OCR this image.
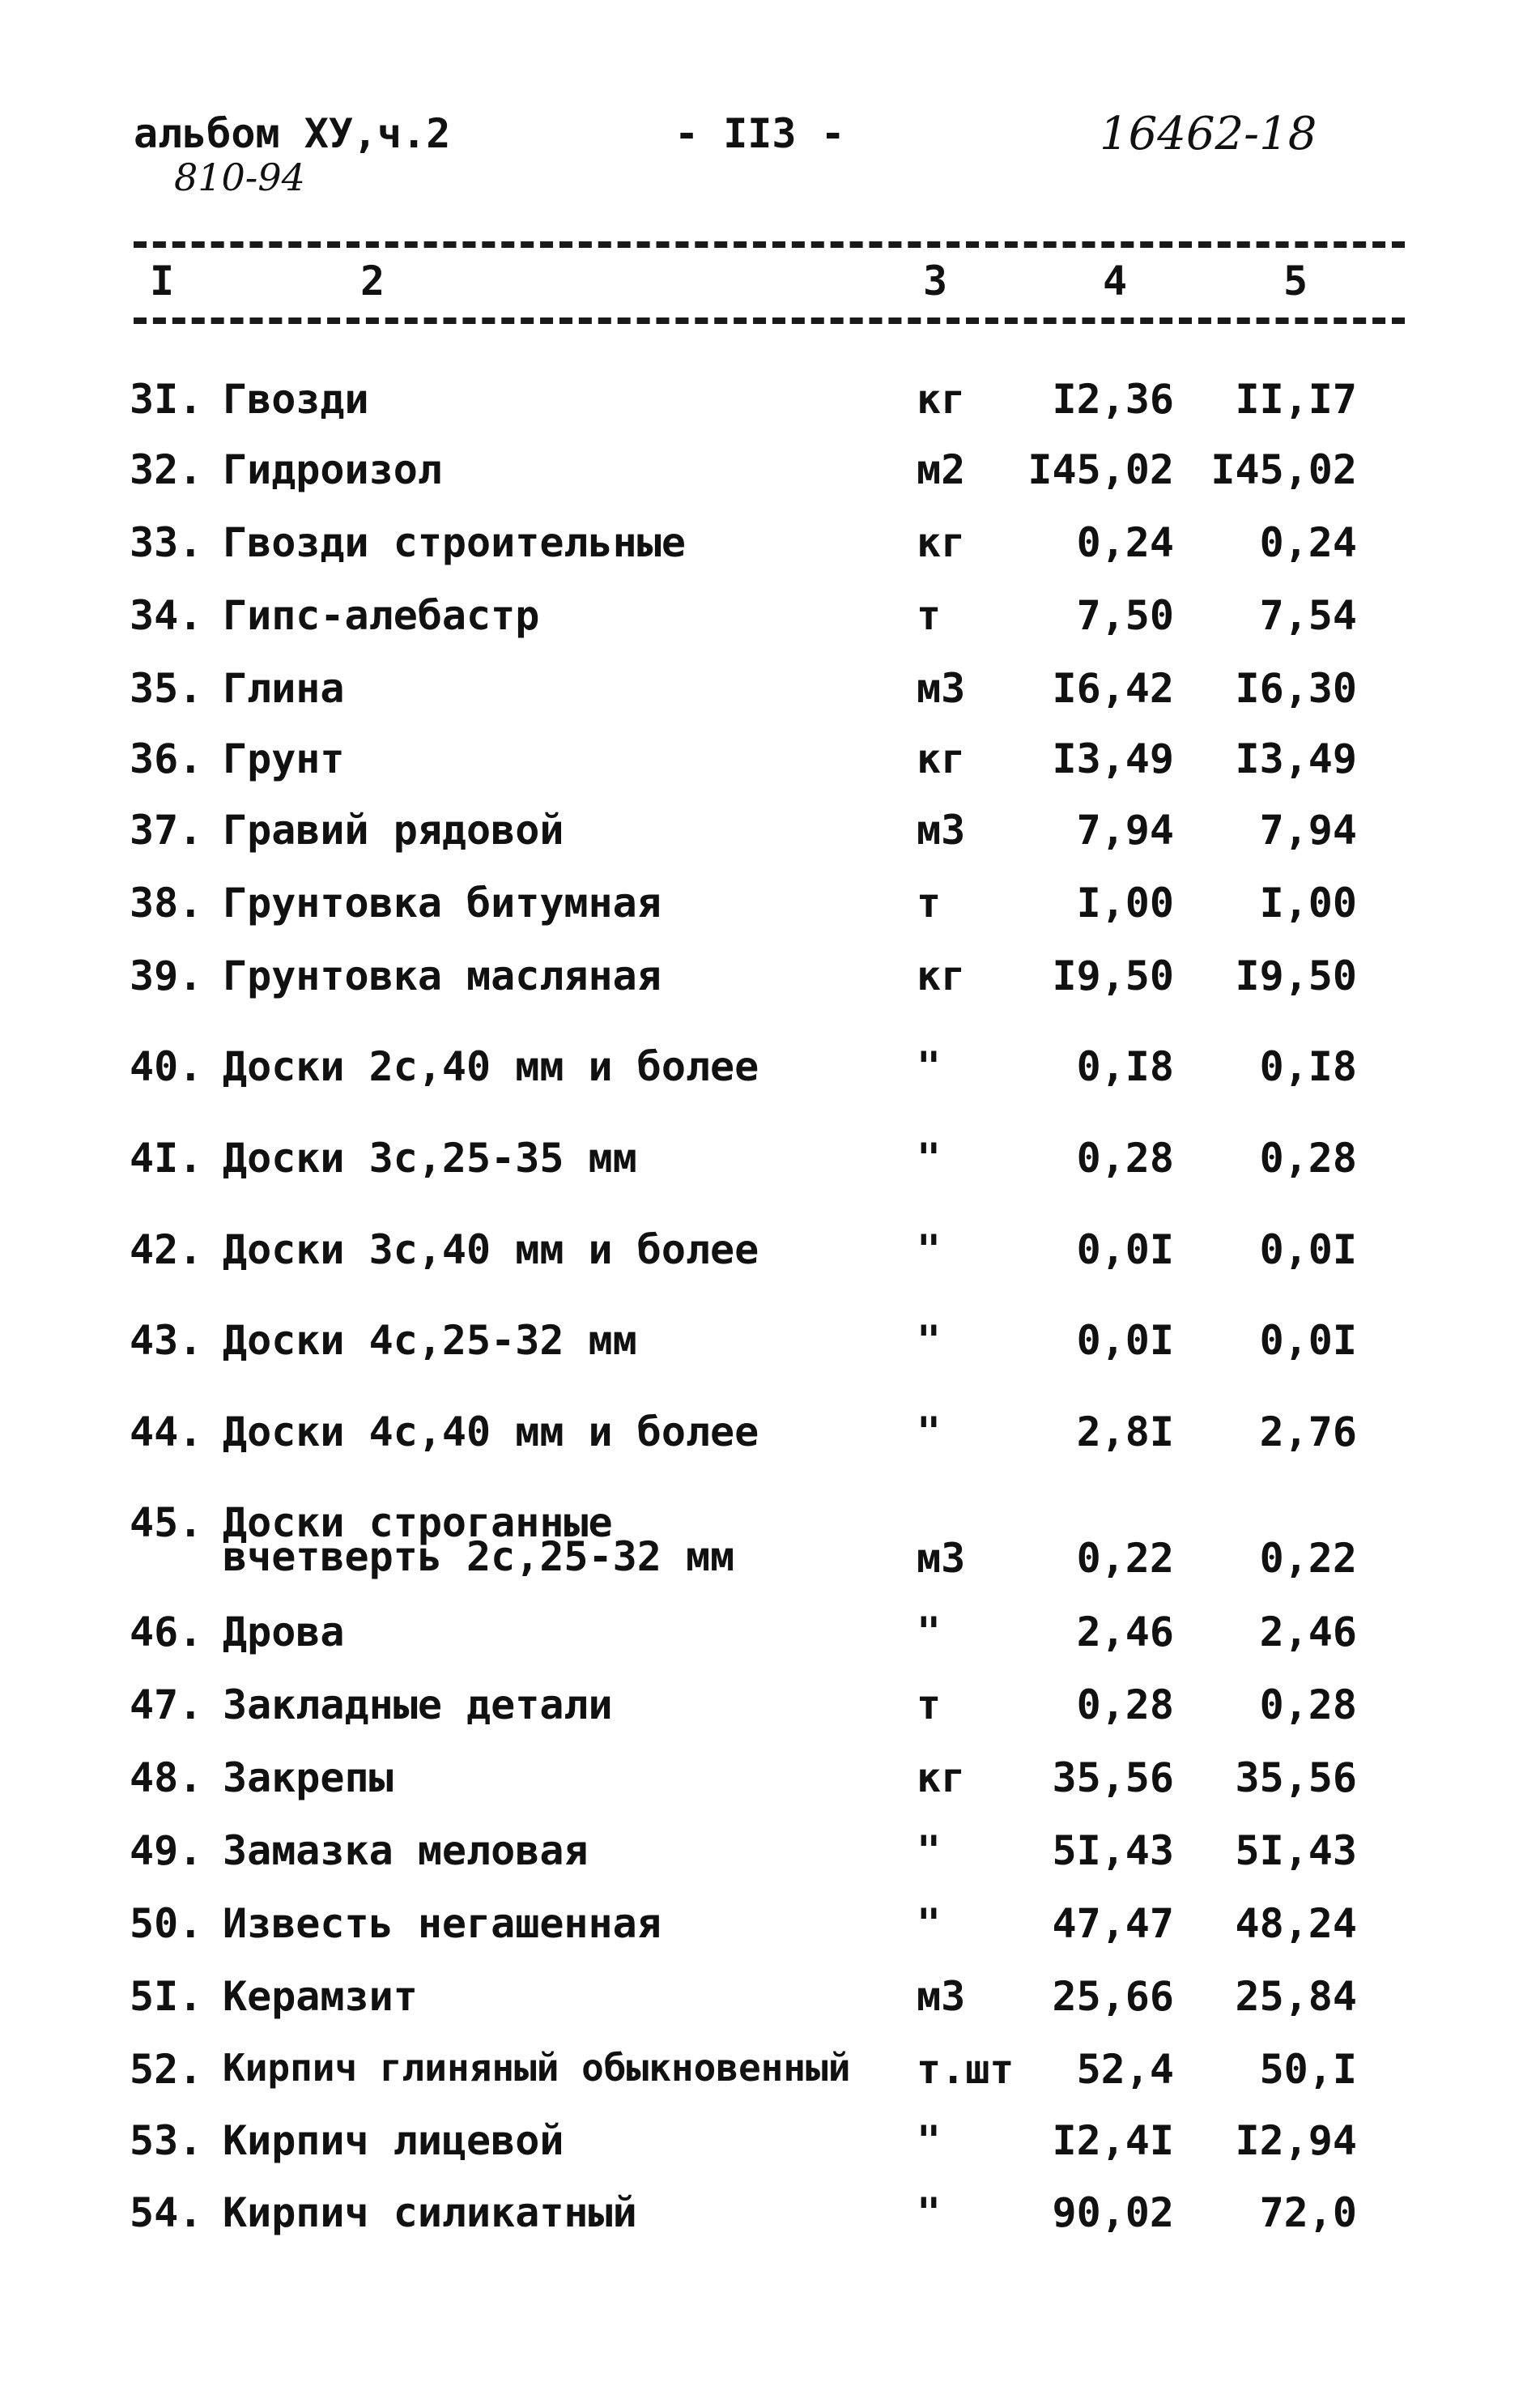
альбом ХУ,ч.2	- II3 -	16462-18
810-94
I	2	3	4	5
3I. Гвозди	кг I2,36 II,I7
32. Гидроизол	м2 I45,02 I45,02
33. Гвозди строительные	кг	0,24 0,24
34. Гипс-алебастр	т	7,50 7,54
35. Глина	м3 I6,42 I6,30
36. Грунт	кг I3,49 I3,49
37. Гравий рядовой	м3	7,94 7,94
38. Грунтовка битумная	т	I,00 I,00
39. Грунтовка масляная	кг I9,50 I9,50
40. Доски 2с,40 мм и более	"	0,I8 0,I8
4I. Доски 3с,25-35 мм	"	0,28 0,28
42. Доски 3с,40 мм и более	"	0,0I 0,0I
43. Доски 4с,25-32 мм	"	0,0I 0,0I
44. Доски 4с,40 мм и более	"	2,8I 2,76
45. Доски строганные
вчетверть 2с,25-32 мм	м3	0,22 0,22
46. Дрова	"	2,46 2,46
47. Закладные детали	т	0,28 0,28
48. Закрепы	кг 35,56 35,56
49. Замазка меловая	"	5I,43 5I,43
50. Известь негашенная	"	47,47 48,24
5I. Керамзит	м3 25,66 25,84
52. Кирпич глиняный обыкновенный т.шт 52,4 50,I
53. Кирпич лицевой	"	I2,4I I2,94
54. Кирпич силикатный	"	90,02 72,0
